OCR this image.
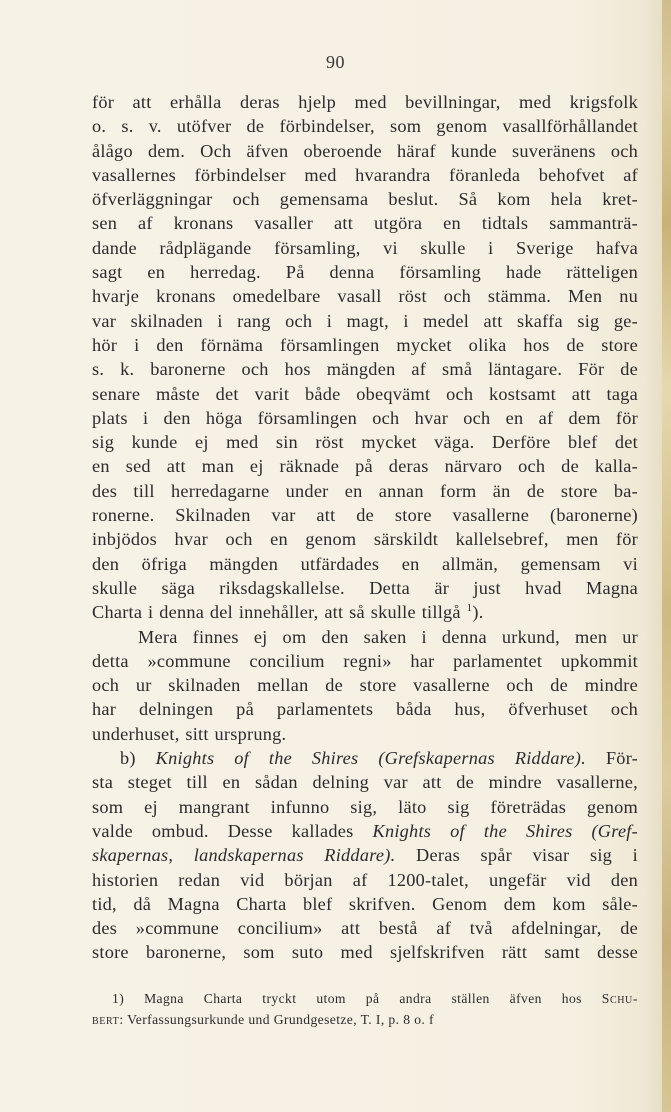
90
för att erhålla deras hjelp med bevillningar, med krigsfolk
o. s. v. utöfver de förbindelser, som genom vasallförhållandet
ålågo dem. Och äfven oberoende häraf kunde suveränens och
vasallernes förbindelser med hvarandra föranleda behofvet af
öfverläggningar och gemensama beslut. Så kom hela kret-
sen af kronans vasaller att utgöra en tidtals sammanträ-
dande rådplägande församling, vi skulle i Sverige hafva
sagt en herredag. På denna församling hade rätteligen
hvarje kronans omedelbare vasall röst och stämma. Men nu
var skilnaden i rang och i magt, i medel att skaffa sig ge-
hör i den förnäma församlingen mycket olika hos de store
s. k. baronerne och hos mängden af små läntagare. För de
senare måste det varit både obeqvämt och kostsamt att taga
plats i den höga församlingen och hvar och en af dem för
sig kunde ej med sin röst mycket väga. Derföre blef det
en sed att man ej räknade på deras närvaro och de kalla-
des till herredagarne under en annan form än de store ba-
ronerne. Skilnaden var att de store vasallerne (baronerne)
inbjödos hvar och en genom särskildt kallelsebref, men för
den öfriga mängden utfärdades en allmän, gemensam vi
skulle säga riksdagskallelse. Detta är just hvad Magna
Charta i denna del innehåller, att så skulle tillgå $^1$).
Mera finnes ej om den saken i denna urkund, men ur
detta »commune concilium regni» har parlamentet upkommit
och ur skilnaden mellan de store vasallerne och de mindre
har delningen på parlamentets båda hus, öfverhuset och
underhuset, sitt ursprung.
b) Knights of the Shires (Grefskapernas Riddare). För-
sta steget till en sådan delning var att de mindre vasallerne,
som ej mangrant infunno sig, läto sig företrädas genom
valde ombud. Desse kallades Knights of the Shires (Gref-
skapernas, landskapernas Riddare). Deras spår visar sig i
historien redan vid början af 1200-talet, ungefär vid den
tid, då Magna Charta blef skrifven. Genom dem kom såle-
des »commune concilium» att bestå af två afdelningar, de
store baronerne, som suto med sjelfskrifven rätt samt desse
1) Magna Charta tryckt utom på andra ställen äfven hos Schu-
bert: Verfassungsurkunde und Grundgesetze, T. I, p. 8 o. f
